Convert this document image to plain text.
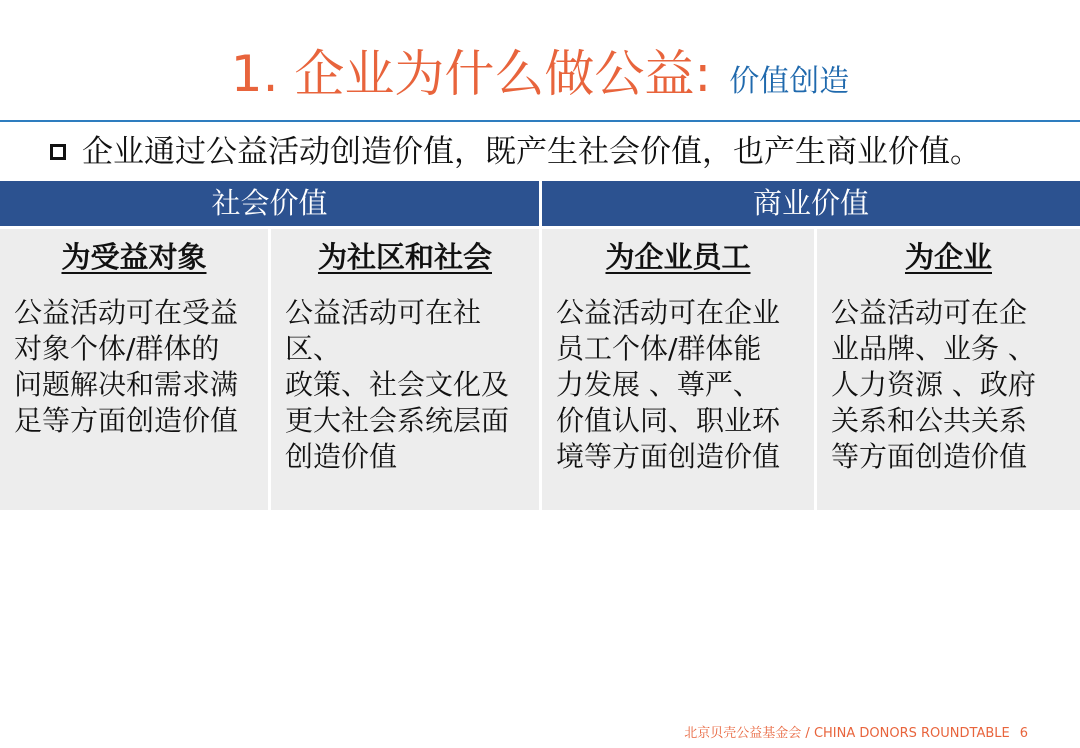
1. 企业为什么做公益: 价值创造
企业通过公益活动创造价值，既产生社会价值，也产生商业价值。
社会价值	商业价值
为受益对象
公益活动可在受益
对象个体/群体的
问题解决和需求满
足等方面创造价值
为社区和社会
公益活动可在社区、
政策、社会文化及
更大社会系统层面
创造价值
为企业员工
公益活动可在企业
员工个体/群体能
力发展 、尊严、
价值认同、职业环
境等方面创造价值
为企业
公益活动可在企
业品牌、业务 、
人力资源 、政府
关系和公共关系
等方面创造价值
北京贝壳公益基金会 / CHINA DONORS ROUNDTABLE 6
